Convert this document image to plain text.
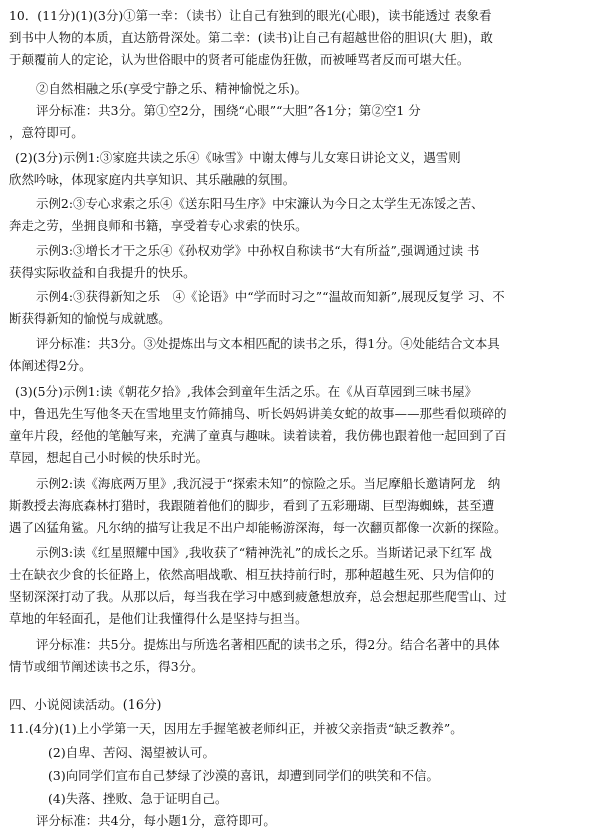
10．(11分)(1)(3分)①第一幸：（读书）让自己有独到的眼光(心眼)，读书能透过 表象看
到书中人物的本质，直达筋骨深处。第二幸：(读书)让自己有超越世俗的胆识(大 胆)，敢
于颠覆前人的定论，认为世俗眼中的贤者可能虚伪狂傲，而被唾骂者反而可堪大任。
②自然相融之乐(享受宁静之乐、精神愉悦之乐)。
评分标准：共3分。第①空2分，围绕“心眼”“大胆”各1分；第②空1 分
，意符即可。
(2)(3分)示例1:③家庭共读之乐④《咏雪》中谢太傅与儿女寒日讲论文义，遇雪则
欣然吟咏，体现家庭内共享知识、其乐融融的氛围。
示例2:③专心求索之乐④《送东阳马生序》中宋濂认为今日之太学生无冻馁之苦、
奔走之劳，坐拥良师和书籍，享受着专心求索的快乐。
示例3:③增长才干之乐④《孙权劝学》中孙权自称读书“大有所益”,强调通过读 书
获得实际收益和自我提升的快乐。
示例4:③获得新知之乐　④《论语》中“学而时习之”“温故而知新”,展现反复学 习、不
断获得新知的愉悦与成就感。
评分标准：共3分。③处提炼出与文本相匹配的读书之乐，得1分。④处能结合文本具
体阐述得2分。
(3)(5分)示例1:读《朝花夕拾》,我体会到童年生活之乐。在《从百草园到三味书屋》
中，鲁迅先生写他冬天在雪地里支竹筛捕鸟、听长妈妈讲美女蛇的故事——那些看似琐碎的
童年片段，经他的笔触写来，充满了童真与趣味。读着读着，我仿佛也跟着他一起回到了百
草园，想起自己小时候的快乐时光。
示例2:读《海底两万里》,我沉浸于“探索未知”的惊险之乐。当尼摩船长邀请阿龙　纳
斯教授去海底森林打猎时，我跟随着他们的脚步，看到了五彩珊瑚、巨型海蜘蛛，甚至遭
遇了凶猛角鲨。凡尔纳的描写让我足不出户却能畅游深海，每一次翻页都像一次新的探险。
示例3:读《红星照耀中国》,我收获了“精神洗礼”的成长之乐。当斯诺记录下红军 战
士在缺衣少食的长征路上，依然高唱战歌、相互扶持前行时，那种超越生死、只为信仰的
坚韧深深打动了我。从那以后，每当我在学习中感到疲惫想放弃，总会想起那些爬雪山、过
草地的年轻面孔，是他们让我懂得什么是坚持与担当。
评分标准：共5分。提炼出与所选名著相匹配的读书之乐，得2分。结合名著中的具体
情节或细节阐述读书之乐，得3分。
四、小说阅读活动。(16分)
11.(4分)(1)上小学第一天，因用左手握笔被老师纠正，并被父亲指责“缺乏教养”。
(2)自卑、苦闷、渴望被认可。
(3)向同学们宣布自己梦绿了沙漠的喜讯，却遭到同学们的哄笑和不信。
(4)失落、挫败、急于证明自己。
评分标准：共4分，每小题1分，意符即可。
